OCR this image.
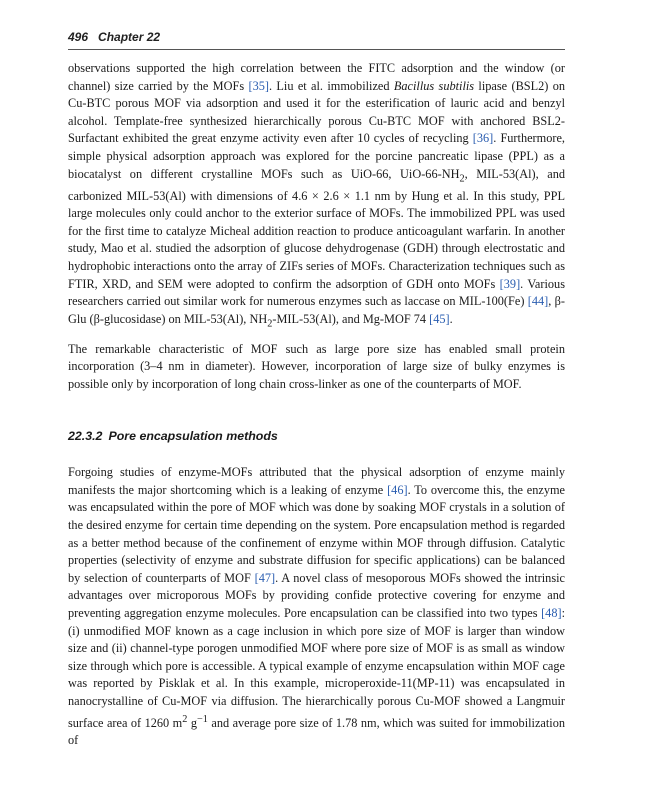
496 Chapter 22

observations supported the high correlation between the FITC adsorption and the window (or channel) size carried by the MOFs [35]. Liu et al. immobilized Bacillus subtilis lipase (BSL2) on Cu-BTC porous MOF via adsorption and used it for the esterification of lauric acid and benzyl alcohol. Template-free synthesized hierarchically porous Cu-BTC MOF with anchored BSL2-Surfactant exhibited the great enzyme activity even after 10 cycles of recycling [36]. Furthermore, simple physical adsorption approach was explored for the porcine pancreatic lipase (PPL) as a biocatalyst on different crystalline MOFs such as UiO-66, UiO-$66-NH_2$, MIL-53(Al), and carbonized MIL-53(Al) with dimensions of 4.6 × 2.6 × 1.1 nm by Hung et al. In this study, PPL large molecules only could anchor to the exterior surface of MOFs. The immobilized PPL was used for the first time to catalyze Micheal addition reaction to produce anticoagulant warfarin. In another study, Mao et al. studied the adsorption of glucose dehydrogenase (GDH) through electrostatic and hydrophobic interactions onto the array of ZIFs series of MOFs. Characterization techniques such as FTIR, XRD, and SEM were adopted to confirm the adsorption of GDH onto MOFs [39]. Various researchers carried out similar work for numerous enzymes such as laccase on MIL-100(Fe) [44], β-Glu (β-glucosidase) on MIL-53(Al), $NH_2-MIL-53(Al)$, and Mg-MOF 74 [45].

The remarkable characteristic of MOF such as large pore size has enabled small protein incorporation (3–4 nm in diameter). However, incorporation of large size of bulky enzymes is possible only by incorporation of long chain cross-linker as one of the counterparts of MOF.

22.3.2 Pore encapsulation methods

Forgoing studies of enzyme-MOFs attributed that the physical adsorption of enzyme mainly manifests the major shortcoming which is a leaking of enzyme [46]. To overcome this, the enzyme was encapsulated within the pore of MOF which was done by soaking MOF crystals in a solution of the desired enzyme for certain time depending on the system. Pore encapsulation method is regarded as a better method because of the confinement of enzyme within MOF through diffusion. Catalytic properties (selectivity of enzyme and substrate diffusion for specific applications) can be balanced by selection of counterparts of MOF [47]. A novel class of mesoporous MOFs showed the intrinsic advantages over microporous MOFs by providing confide protective covering for enzyme and preventing aggregation enzyme molecules. Pore encapsulation can be classified into two types [48]: (i) unmodified MOF known as a cage inclusion in which pore size of MOF is larger than window size and (ii) channel-type porogen unmodified MOF where pore size of MOF is as small as window size through which pore is accessible. A typical example of enzyme encapsulation within MOF cage was reported by Pisklak et al. In this example, microperoxide-11(MP-11) was encapsulated in nanocrystalline of Cu-MOF via diffusion. The hierarchically porous Cu-MOF showed a Langmuir surface area of 1260 $m^2$ $g^{-1}$ and average pore size of 1.78 nm, which was suited for immobilization of
